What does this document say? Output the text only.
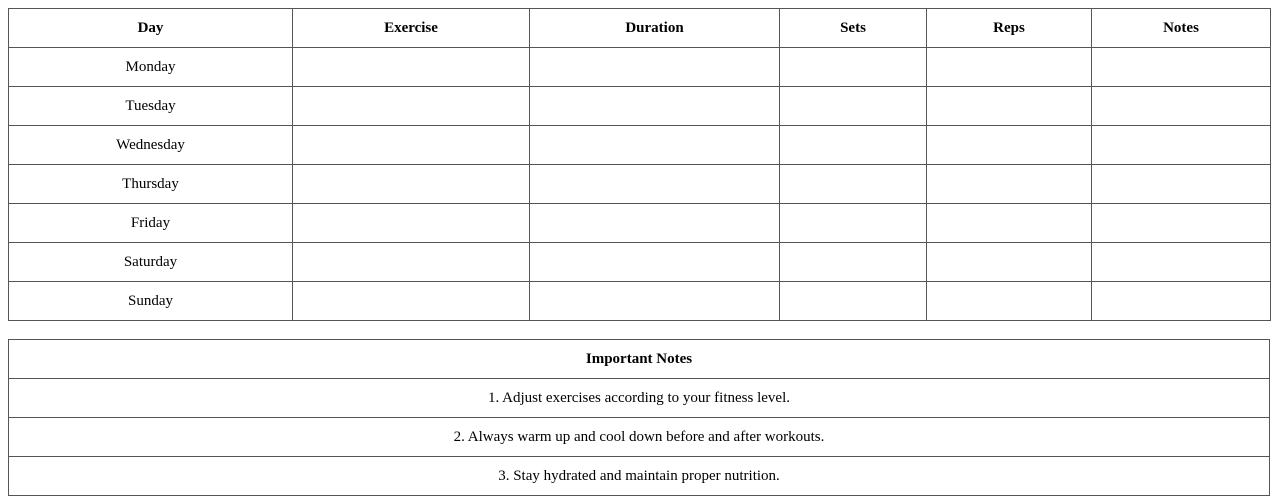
Day	Exercise	Duration	Sets	Reps	Notes
Monday					
Tuesday					
Wednesday					
Thursday					
Friday					
Saturday					
Sunday					
Important Notes
1. Adjust exercises according to your fitness level.
2. Always warm up and cool down before and after workouts.
3. Stay hydrated and maintain proper nutrition.
